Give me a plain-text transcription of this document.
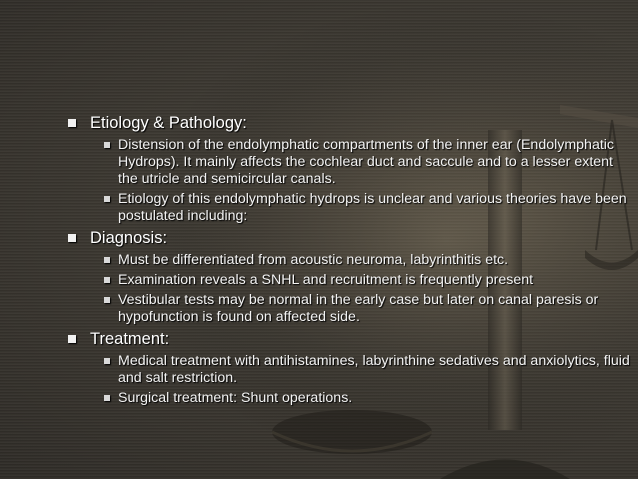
Etiology & Pathology:
Distension of the endolymphatic compartments of the inner ear (Endolymphatic Hydrops). It mainly affects the cochlear duct and saccule and to a lesser extent the utricle and semicircular canals.
Etiology of this endolymphatic hydrops is unclear and various theories have been postulated including:
Diagnosis:
Must be differentiated from acoustic neuroma, labyrinthitis etc.
Examination reveals a SNHL and recruitment is frequently present
Vestibular tests may be normal in the early case but later on canal paresis or hypofunction is found on affected side.
Treatment:
Medical treatment with antihistamines, labyrinthine sedatives and anxiolytics, fluid and salt restriction.
Surgical treatment: Shunt operations.
